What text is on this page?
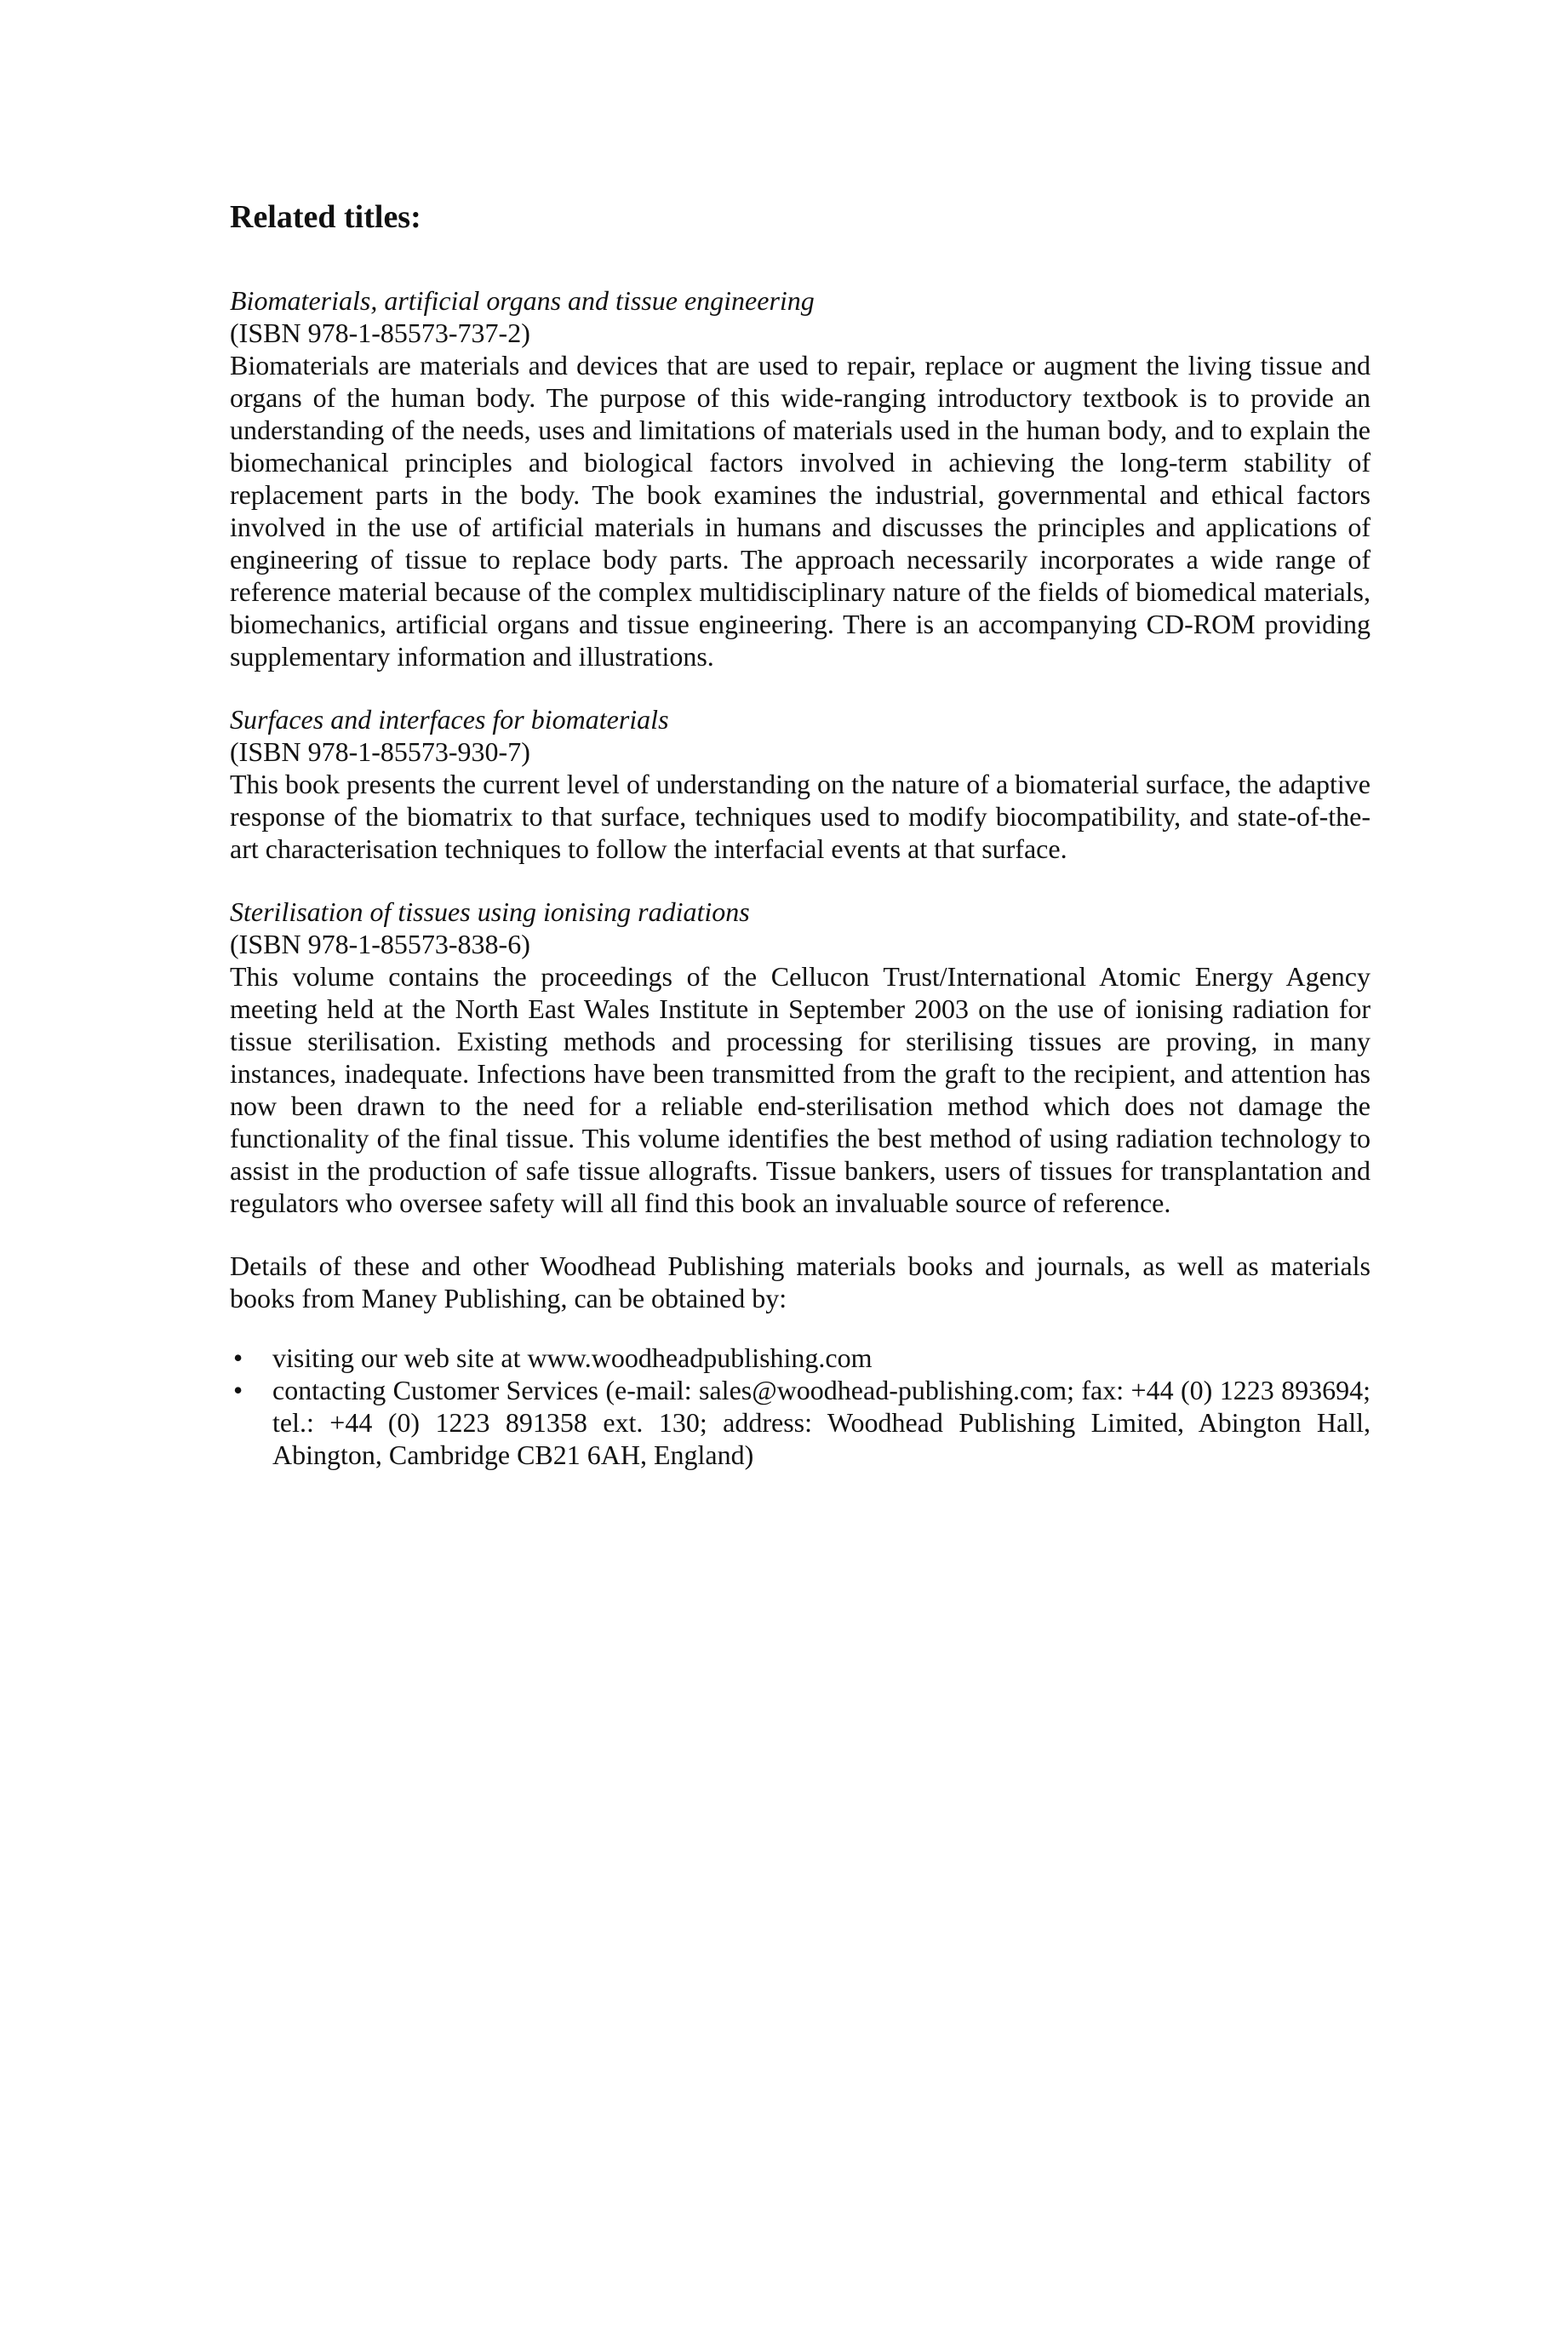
Related titles:

Biomaterials, artificial organs and tissue engineering

(ISBN 978-1-85573-737-2)

Biomaterials are materials and devices that are used to repair, replace or augment the living tissue and organs of the human body. The purpose of this wide-ranging introductory textbook is to provide an understanding of the needs, uses and limitations of materials used in the human body, and to explain the biomechanical principles and biological factors involved in achieving the long-term stability of replacement parts in the body. The book examines the industrial, governmental and ethical factors involved in the use of artificial materials in humans and discusses the principles and applications of engineering of tissue to replace body parts. The approach necessarily incorporates a wide range of reference material because of the complex multidisciplinary nature of the fields of biomedical materials, biomechanics, artificial organs and tissue engineering. There is an accompanying CD-ROM providing supplementary information and illustrations.

Surfaces and interfaces for biomaterials

(ISBN 978-1-85573-930-7)

This book presents the current level of understanding on the nature of a biomaterial surface, the adaptive response of the biomatrix to that surface, techniques used to modify biocompatibility, and state-of-the-art characterisation techniques to follow the interfacial events at that surface.

Sterilisation of tissues using ionising radiations

(ISBN 978-1-85573-838-6)

This volume contains the proceedings of the Cellucon Trust/International Atomic Energy Agency meeting held at the North East Wales Institute in September 2003 on the use of ionising radiation for tissue sterilisation. Existing methods and processing for sterilising tissues are proving, in many instances, inadequate. Infections have been transmitted from the graft to the recipient, and attention has now been drawn to the need for a reliable end-sterilisation method which does not damage the functionality of the final tissue. This volume identifies the best method of using radiation technology to assist in the production of safe tissue allografts. Tissue bankers, users of tissues for transplantation and regulators who oversee safety will all find this book an invaluable source of reference.

Details of these and other Woodhead Publishing materials books and journals, as well as materials books from Maney Publishing, can be obtained by:

• visiting our web site at www.woodheadpublishing.com
• contacting Customer Services (e-mail: sales@woodhead-publishing.com; fax: +44 (0) 1223 893694; tel.: +44 (0) 1223 891358 ext. 130; address: Woodhead Publishing Limited, Abington Hall, Abington, Cambridge CB21 6AH, England)
